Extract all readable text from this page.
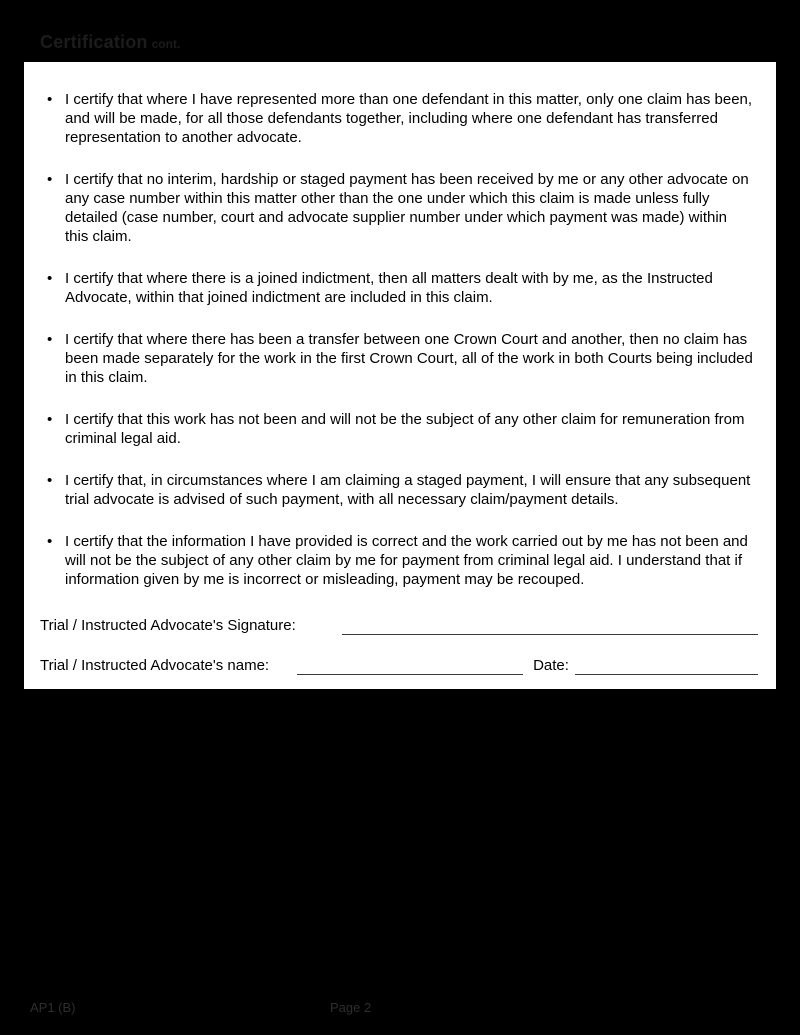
Certification cont.
• I certify that where I have represented more than one defendant in this matter, only one claim has been, and will be made, for all those defendants together, including where one defendant has transferred representation to another advocate.
• I certify that no interim, hardship or staged payment has been received by me or any other advocate on any case number within this matter other than the one under which this claim is made unless fully detailed (case number, court and advocate supplier number under which payment was made) within this claim.
• I certify that where there is a joined indictment, then all matters dealt with by me, as the Instructed Advocate, within that joined indictment are included in this claim.
• I certify that where there has been a transfer between one Crown Court and another, then no claim has been made separately for the work in the first Crown Court, all of the work in both Courts being included in this claim.
• I certify that this work has not been and will not be the subject of any other claim for remuneration from criminal legal aid.
• I certify that, in circumstances where I am claiming a staged payment, I will ensure that any subsequent trial advocate is advised of such payment, with all necessary claim/payment details.
• I certify that the information I have provided is correct and the work carried out by me has not been and will not be the subject of any other claim by me for payment from criminal legal aid. I understand that if information given by me is incorrect or misleading, payment may be recouped.
Trial / Instructed Advocate's Signature:
Trial / Instructed Advocate's name:	Date:
AP1 (B)	Page 2
